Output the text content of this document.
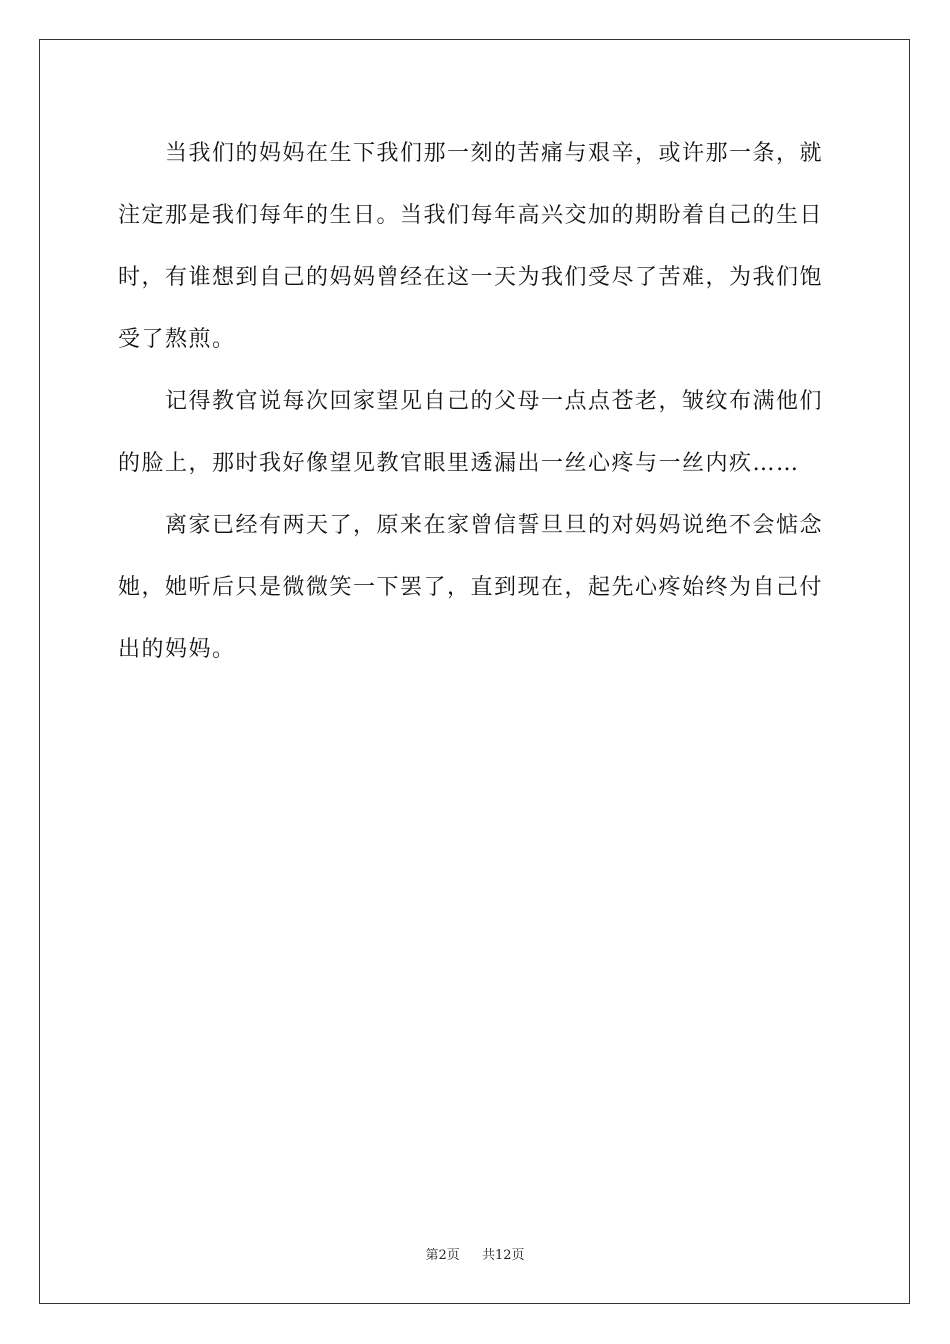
当我们的妈妈在生下我们那一刻的苦痛与艰辛，或许那一条，就
注定那是我们每年的生日。当我们每年高兴交加的期盼着自己的生日
时，有谁想到自己的妈妈曾经在这一天为我们受尽了苦难，为我们饱
受了熬煎。
记得教官说每次回家望见自己的父母一点点苍老，皱纹布满他们
的脸上，那时我好像望见教官眼里透漏出一丝心疼与一丝内疚……
离家已经有两天了，原来在家曾信誓旦旦的对妈妈说绝不会惦念
她，她听后只是微微笑一下罢了，直到现在，起先心疼始终为自己付
出的妈妈。
第2页 共12页
